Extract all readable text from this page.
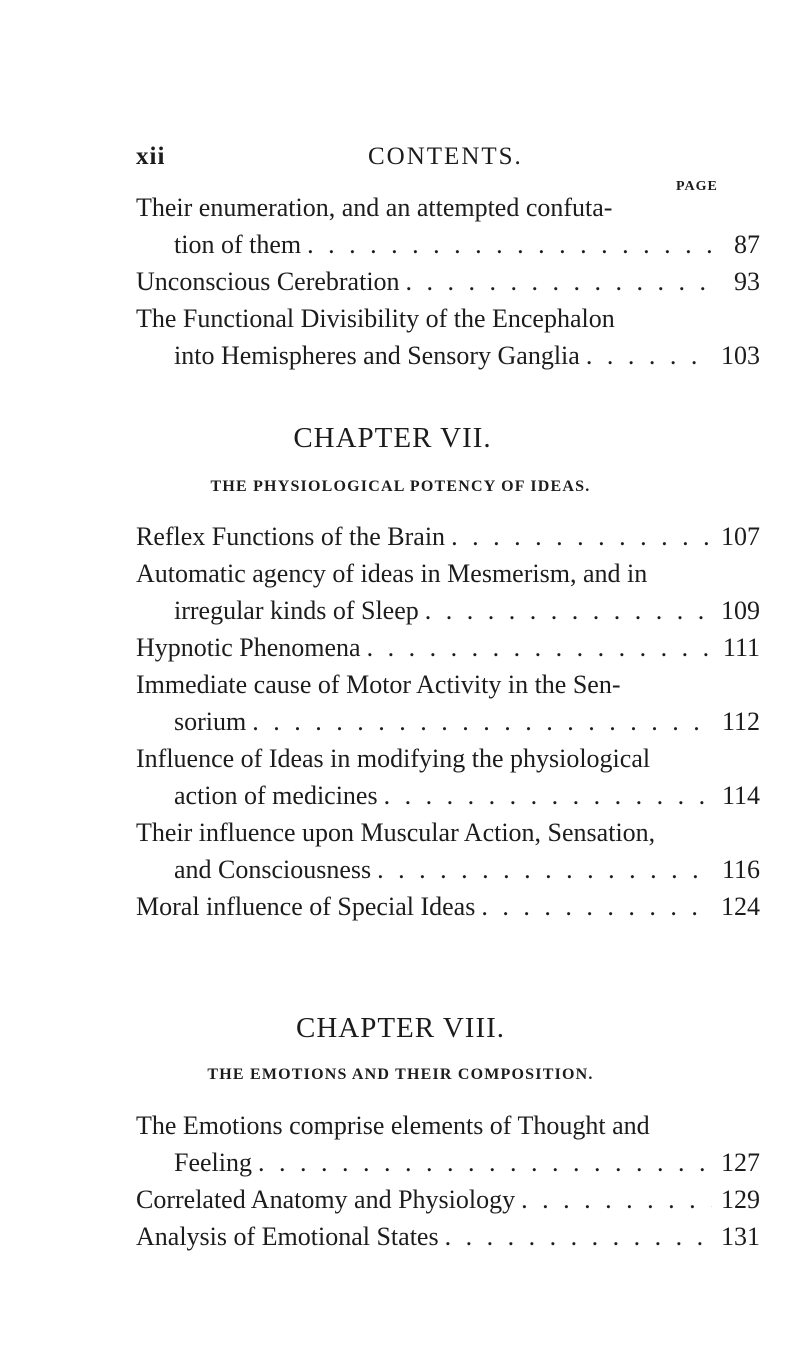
xii	CONTENTS.
PAGE
Their enumeration, and an attempted confuta-
tion of them . . .	87
Unconscious Cerebration . . .	93
The Functional Divisibility of the Encephalon
into Hemispheres and Sensory Ganglia . . .	103
CHAPTER VII.
THE PHYSIOLOGICAL POTENCY OF IDEAS.
Reflex Functions of the Brain . . .	107
Automatic agency of ideas in Mesmerism, and in
irregular kinds of Sleep . . .	109
Hypnotic Phenomena . . .	111
Immediate cause of Motor Activity in the Sen-
sorium . . .	112
Influence of Ideas in modifying the physiological
action of medicines . . .	114
Their influence upon Muscular Action, Sensation,
and Consciousness . . .	116
Moral influence of Special Ideas . . .	124
CHAPTER VIII.
THE EMOTIONS AND THEIR COMPOSITION.
The Emotions comprise elements of Thought and
Feeling . . .	127
Correlated Anatomy and Physiology . . .	129
Analysis of Emotional States . . .	131
